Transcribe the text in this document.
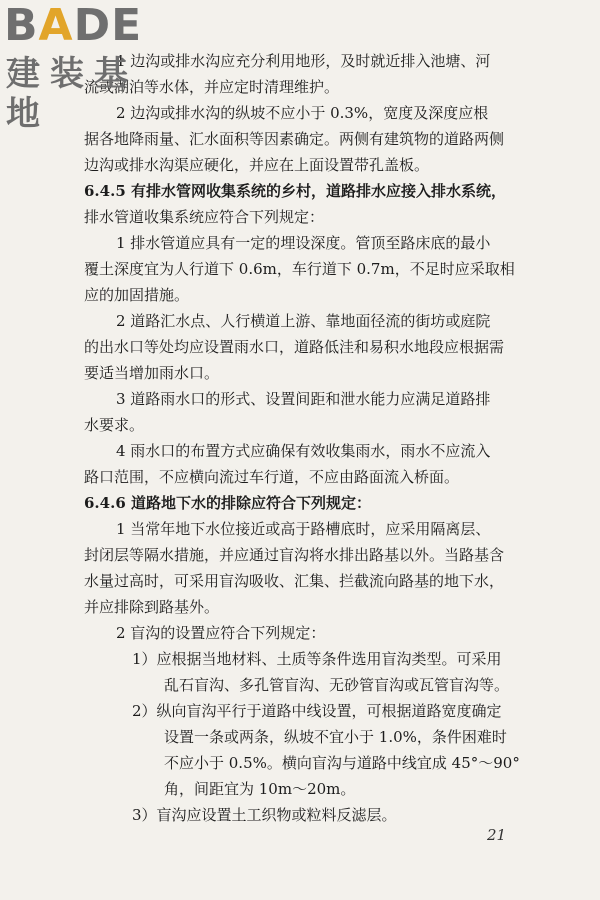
BADE
建装基地
1 边沟或排水沟应充分利用地形，及时就近排入池塘、河
流或湖泊等水体，并应定时清理维护。
2 边沟或排水沟的纵坡不应小于 0.3%，宽度及深度应根
据各地降雨量、汇水面积等因素确定。两侧有建筑物的道路两侧
边沟或排水沟渠应硬化，并应在上面设置带孔盖板。
6.4.5 有排水管网收集系统的乡村，道路排水应接入排水系统，
排水管道收集系统应符合下列规定：
1 排水管道应具有一定的埋设深度。管顶至路床底的最小
覆土深度宜为人行道下 0.6m，车行道下 0.7m，不足时应采取相
应的加固措施。
2 道路汇水点、人行横道上游、靠地面径流的街坊或庭院
的出水口等处均应设置雨水口，道路低洼和易积水地段应根据需
要适当增加雨水口。
3 道路雨水口的形式、设置间距和泄水能力应满足道路排
水要求。
4 雨水口的布置方式应确保有效收集雨水，雨水不应流入
路口范围，不应横向流过车行道，不应由路面流入桥面。
6.4.6 道路地下水的排除应符合下列规定：
1 当常年地下水位接近或高于路槽底时，应采用隔离层、
封闭层等隔水措施，并应通过盲沟将水排出路基以外。当路基含
水量过高时，可采用盲沟吸收、汇集、拦截流向路基的地下水，
并应排除到路基外。
2 盲沟的设置应符合下列规定：
1）应根据当地材料、土质等条件选用盲沟类型。可采用
乱石盲沟、多孔管盲沟、无砂管盲沟或瓦管盲沟等。
2）纵向盲沟平行于道路中线设置，可根据道路宽度确定
设置一条或两条，纵坡不宜小于 1.0%，条件困难时
不应小于 0.5%。横向盲沟与道路中线宜成 45°～90°
角，间距宜为 10m～20m。
3）盲沟应设置土工织物或粒料反滤层。
21
